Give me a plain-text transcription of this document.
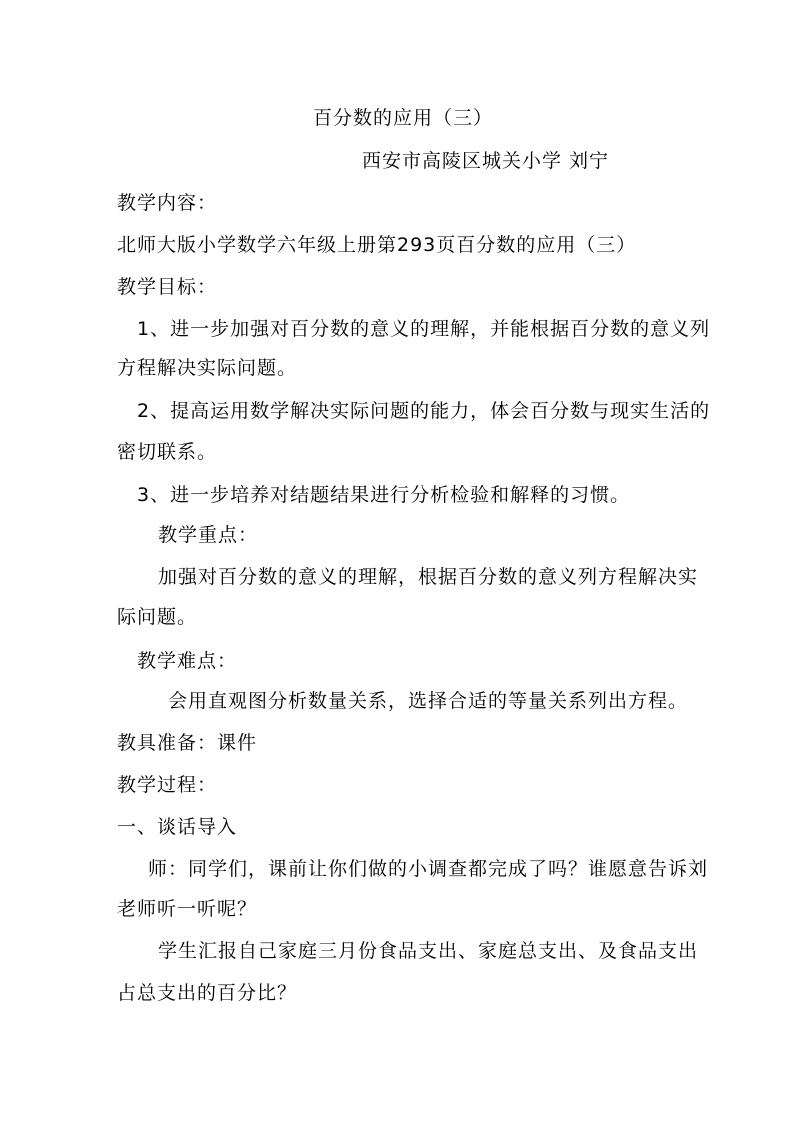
百分数的应用（三）
西安市高陵区城关小学 刘宁
教学内容：
北师大版小学数学六年级上册第293页百分数的应用（三）
教学目标：
1、进一步加强对百分数的意义的理解，并能根据百分数的意义列
方程解决实际问题。
2、提高运用数学解决实际问题的能力，体会百分数与现实生活的
密切联系。
3、进一步培养对结题结果进行分析检验和解释的习惯。
教学重点：
加强对百分数的意义的理解，根据百分数的意义列方程解决实
际问题。
教学难点：
会用直观图分析数量关系，选择合适的等量关系列出方程。
教具准备：课件
教学过程：
一、谈话导入
师：同学们，课前让你们做的小调查都完成了吗？谁愿意告诉刘
老师听一听呢？
学生汇报自己家庭三月份食品支出、家庭总支出、及食品支出
占总支出的百分比？
